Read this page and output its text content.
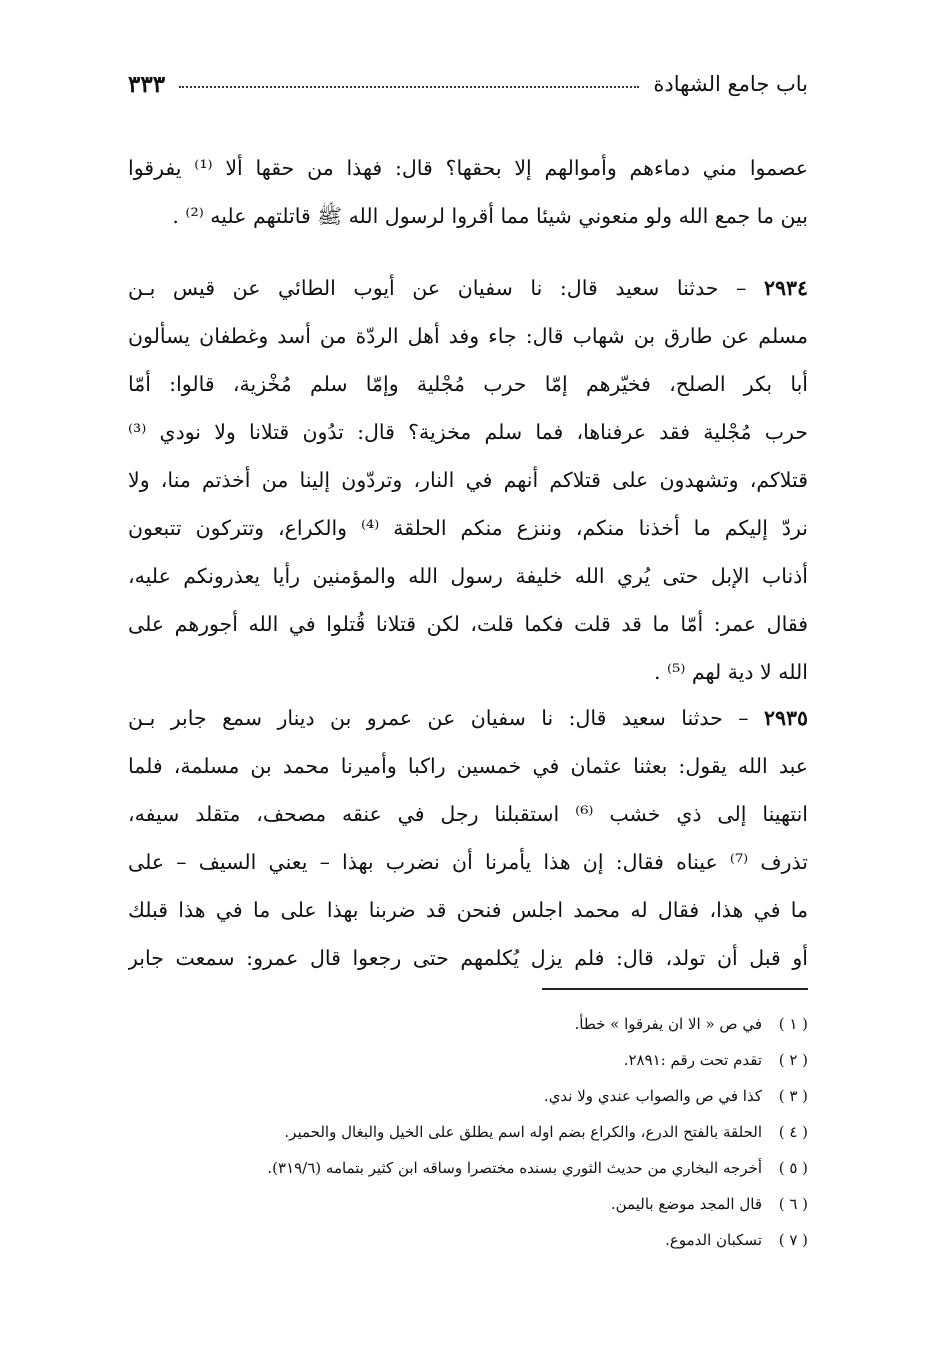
باب جامع الشهادة
٣٣٣
عصموا مني دماءهم وأموالهم إلا بحقها؟ قال: فهذا من حقها ألا ⁽¹⁾ يفرقوا
بين ما جمع الله ولو منعوني شيئا مما أقروا لرسول الله ﷺ قاتلتهم عليه ⁽²⁾ .
٢٩٣٤ – حدثنا سعيد قال: نا سفيان عن أيوب الطائي عن قيس بـن
مسلم عن طارق بن شهاب قال: جاء وفد أهل الردّة من أسد وغطفان يسألون
أبا بكر الصلح، فخيّرهم إمّا حرب مُجْلية وإمّا سلم مُخْزية، قالوا: أمّا
حرب مُجْلية فقد عرفناها، فما سلم مخزية؟ قال: تدُون قتلانا ولا نودي ⁽³⁾
قتلاكم، وتشهدون على قتلاكم أنهم في النار، وتردّون إلينا من أخذتم منا، ولا
نردّ إليكم ما أخذنا منكم، وننزع منكم الحلقة ⁽⁴⁾ والكراع، وتتركون تتبعون
أذناب الإبل حتى يُري الله خليفة رسول الله والمؤمنين رأيا يعذرونكم عليه،
فقال عمر: أمّا ما قد قلت فكما قلت، لكن قتلانا قُتلوا في الله أجورهم على
الله لا دية لهم ⁽⁵⁾ .
٢٩٣٥ – حدثنا سعيد قال: نا سفيان عن عمرو بن دينار سمع جابر بـن
عبد الله يقول: بعثنا عثمان في خمسين راكبا وأميرنا محمد بن مسلمة، فلما
انتهينا إلى ذي خشب ⁽⁶⁾ استقبلنا رجل في عنقه مصحف، متقلد سيفه،
تذرف ⁽⁷⁾ عيناه فقال: إن هذا يأمرنا أن نضرب بهذا – يعني السيف – على
ما في هذا، فقال له محمد اجلس فنحن قد ضربنا بهذا على ما في هذا قبلك
أو قبل أن تولد، قال: فلم يزل يُكلمهم حتى رجعوا قال عمرو: سمعت جابر
( ١ )في ص « الا ان يفرقوا » خطأ.
( ٢ )تقدم تحت رقم :٢٨٩١.
( ٣ )كذا في ص والصواب عندي ولا ندي.
( ٤ )الحلقة بالفتح الدرع، والكراع بضم اوله اسم يطلق على الخيل والبغال والحمير.
( ٥ )أخرجه البخاري من حديث الثوري بسنده مختصرا وساقه ابن كثير بتمامه (٣١٩/٦).
( ٦ )قال المجد موضع باليمن.
( ٧ )تسكبان الدموع.
